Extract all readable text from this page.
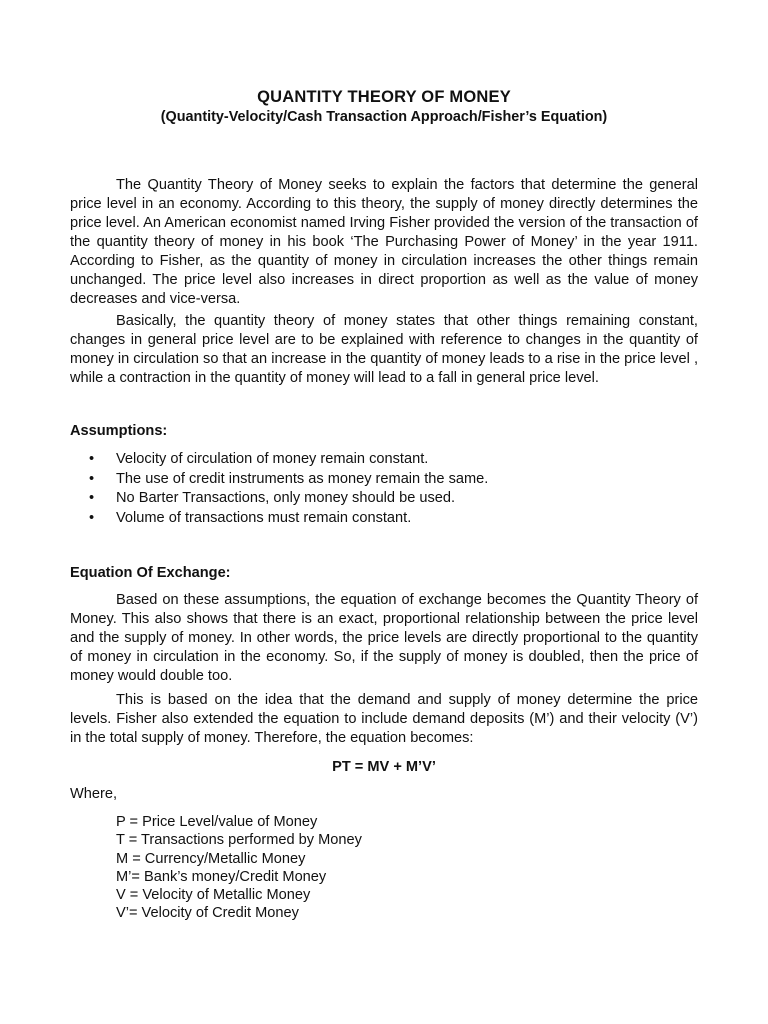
QUANTITY THEORY OF MONEY
(Quantity-Velocity/Cash Transaction Approach/Fisher’s Equation)

The Quantity Theory of Money seeks to explain the factors that determine the general price level in an economy. According to this theory, the supply of money directly determines the price level. An American economist named Irving Fisher provided the version of the transaction of the quantity theory of money in his book ‘The Purchasing Power of Money’ in the year 1911. According to Fisher, as the quantity of money in circulation increases the other things remain unchanged. The price level also increases in direct proportion as well as the value of money decreases and vice-versa.

Basically, the quantity theory of money states that other things remaining constant, changes in general price level are to be explained with reference to changes in the quantity of money in circulation so that an increase in the quantity of money leads to a rise in the price level , while a contraction in the quantity of money will lead to a fall in general price level.

Assumptions:

• Velocity of circulation of money remain constant.
• The use of credit instruments as money remain the same.
• No Barter Transactions, only money should be used.
• Volume of transactions must remain constant.

Equation Of Exchange:

Based on these assumptions, the equation of exchange becomes the Quantity Theory of Money. This also shows that there is an exact, proportional relationship between the price level and the supply of money. In other words, the price levels are directly proportional to the quantity of money in circulation in the economy. So, if the supply of money is doubled, then the price of money would double too.

This is based on the idea that the demand and supply of money determine the price levels. Fisher also extended the equation to include demand deposits (M’) and their velocity (V’) in the total supply of money. Therefore, the equation becomes:

PT = MV + M’V’

Where,

P = Price Level/value of Money
T = Transactions performed by Money
M = Currency/Metallic Money
M’= Bank’s money/Credit Money
V = Velocity of Metallic Money
V’= Velocity of Credit Money
